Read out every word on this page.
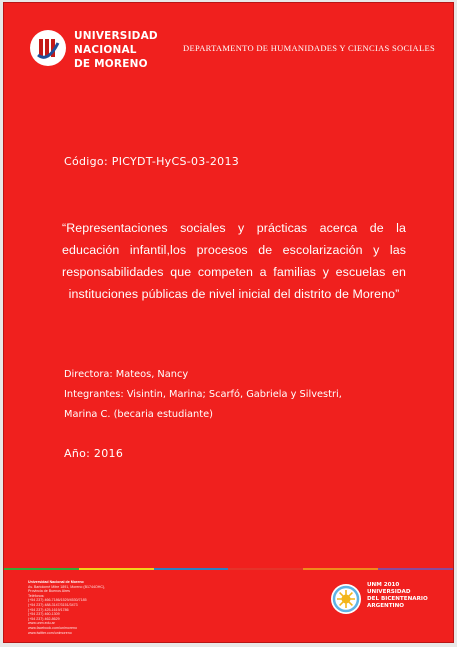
UNIVERSIDAD
NACIONAL
DE MORENO
DEPARTAMENTO DE HUMANIDADES Y CIENCIAS SOCIALES
Código: PICYDT-HyCS-03-2013
“Representaciones sociales y prácticas acerca de la educación infantil,los procesos de escolarización y las responsabilidades que competen a familias y escuelas en instituciones públicas de nivel inicial del distrito de Moreno”
Directora: Mateos, Nancy
Integrantes: Visintin, Marina; Scarfó, Gabriela y Silvestri,
Marina C. (becaria estudiante)
Año: 2016
Universidad Nacional de Moreno
Av. Bartolomé Mitre 1891, Moreno (B1744OHC),
Provincia de Buenos Aires
Teléfonos:
(+54 237) 466-7186/1529/4530/7185
(+54 237) 488-3147/3151/3473
(+54 237) 425-1619/1786
(+54 237) 460-1309
(+54 237) 462-8629
www.unm.edu.ar
www.facebook.com/unimoreno
www.twitter.com/unimoreno
UNM 2010
UNIVERSIDAD
DEL BICENTENARIO
ARGENTINO
